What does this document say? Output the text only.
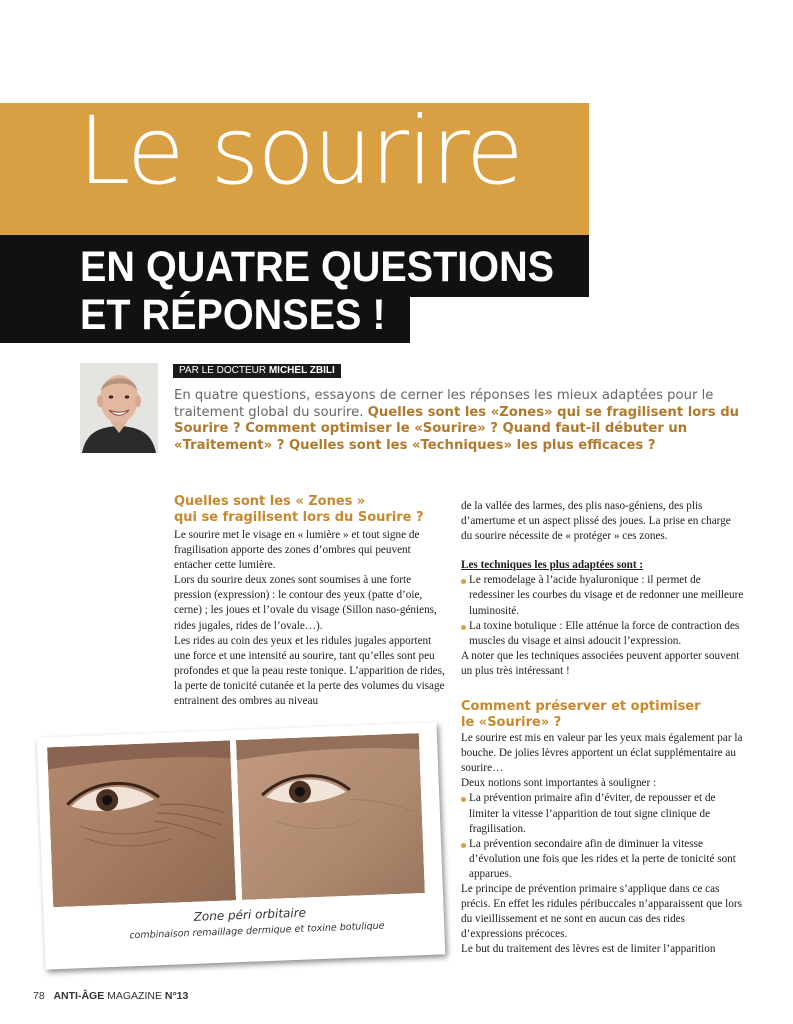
Le sourire
EN QUATRE QUESTIONS
ET RÉPONSES !
PAR LE DOCTEUR MICHEL ZBILI
En quatre questions, essayons de cerner les réponses les mieux adaptées pour le traitement global du sourire. Quelles sont les «Zones» qui se fragilisent lors du Sourire ? Comment optimiser le «Sourire» ? Quand faut-il débuter un «Traitement» ? Quelles sont les «Techniques» les plus efficaces ?
Quelles sont les « Zones »
qui se fragilisent lors du Sourire ?

Le sourire met le visage en « lumière » et tout signe de fragilisation apporte des zones d’ombres qui peuvent entacher cette lumière.

Lors du sourire deux zones sont soumises à une forte pression (expression) : le contour des yeux (patte d’oie, cerne) ; les joues et l’ovale du visage (Sillon naso-géniens, rides jugales, rides de l’ovale…).

Les rides au coin des yeux et les ridules jugales apportent une force et une intensité au sourire, tant qu’elles sont peu profondes et que la peau reste tonique. L’apparition de rides, la perte de tonicité cutanée et la perte des volumes du visage entrainent des ombres au niveau

de la vallée des larmes, des plis naso-géniens, des plis d’amertume et un aspect plissé des joues. La prise en charge du sourire nécessite de « protéger » ces zones.

Les techniques les plus adaptées sont :

Le remodelage à l’acide hyaluronique : il permet de redessiner les courbes du visage et de redonner une meilleure luminosité.

La toxine botulique : Elle atténue la force de contraction des muscles du visage et ainsi adoucit l’expression.

A noter que les techniques associées peuvent apporter souvent un plus très intéressant !

Comment préserver et optimiser
le «Sourire» ?

Le sourire est mis en valeur par les yeux mais également par la bouche. De jolies lèvres apportent un éclat supplémentaire au sourire…

Deux notions sont importantes à souligner :

La prévention primaire afin d’éviter, de repousser et de limiter la vitesse l’apparition de tout signe clinique de fragilisation.

La prévention secondaire afin de diminuer la vitesse d’évolution une fois que les rides et la perte de tonicité sont apparues.

Le principe de prévention primaire s’applique dans ce cas précis. En effet les ridules péribuccales n’apparaissent que lors du vieillissement et ne sont en aucun cas des rides d’expressions précoces.

Le but du traitement des lèvres est de limiter l’apparition

Zone péri orbitaire
combinaison remaillage dermique et toxine botulique
78 ANTI-ÂGE MAGAZINE N°13
